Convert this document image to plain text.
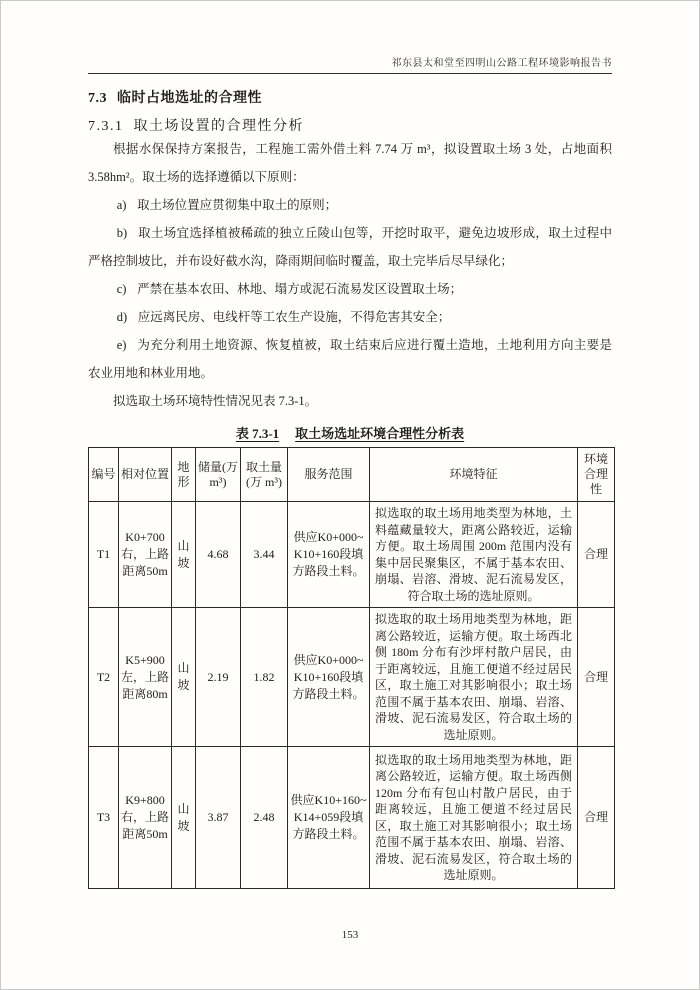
祁东县太和堂至四明山公路工程环境影响报告书
7.3 临时占地选址的合理性
7.3.1 取土场设置的合理性分析

根据水保保持方案报告，工程施工需外借土料 7.74 万 m³，拟设置取土场 3 处，占地面积 3.58hm²。取土场的选择遵循以下原则：

a) 取土场位置应贯彻集中取土的原则；

b) 取土场宜选择植被稀疏的独立丘陵山包等，开挖时取平，避免边坡形成，取土过程中严格控制坡比，并布设好截水沟，降雨期间临时覆盖，取土完毕后尽早绿化；

c) 严禁在基本农田、林地、塌方或泥石流易发区设置取土场；

d) 应远离民房、电线杆等工农生产设施，不得危害其安全；

e) 为充分利用土地资源、恢复植被，取土结束后应进行覆土造地，土地利用方向主要是农业用地和林业用地。

拟选取土场环境特性情况见表 7.3-1。

表 7.3-1 取土场选址环境合理性分析表
编号	相对位置	地形	储量(万m³)	取土量(万 m³)	服务范围	环境特征	环境合理性
T1	K0+700右，上路距离50m	山坡	4.68	3.44	供应K0+000~K10+160段填方路段土料。	拟选取的取土场用地类型为林地，土料蕴藏量较大，距离公路较近，运输方便。取土场周围 200m 范围内没有集中居民聚集区，不属于基本农田、崩塌、岩溶、滑坡、泥石流易发区，符合取土场的选址原则。	合理
T2	K5+900左，上路距离80m	山坡	2.19	1.82	供应K0+000~K10+160段填方路段土料。	拟选取的取土场用地类型为林地，距离公路较近，运输方便。取土场西北侧 180m 分布有沙坪村散户居民，由于距离较远，且施工便道不经过居民区，取土施工对其影响很小；取土场范围不属于基本农田、崩塌、岩溶、滑坡、泥石流易发区，符合取土场的选址原则。	合理
T3	K9+800右，上路距离50m	山坡	3.87	2.48	供应K10+160~K14+059段填方路段土料。	拟选取的取土场用地类型为林地，距离公路较近，运输方便。取土场西侧 120m 分布有包山村散户居民，由于距离较远，且施工便道不经过居民区，取土施工对其影响很小；取土场范围不属于基本农田、崩塌、岩溶、滑坡、泥石流易发区，符合取土场的选址原则。	合理
153
